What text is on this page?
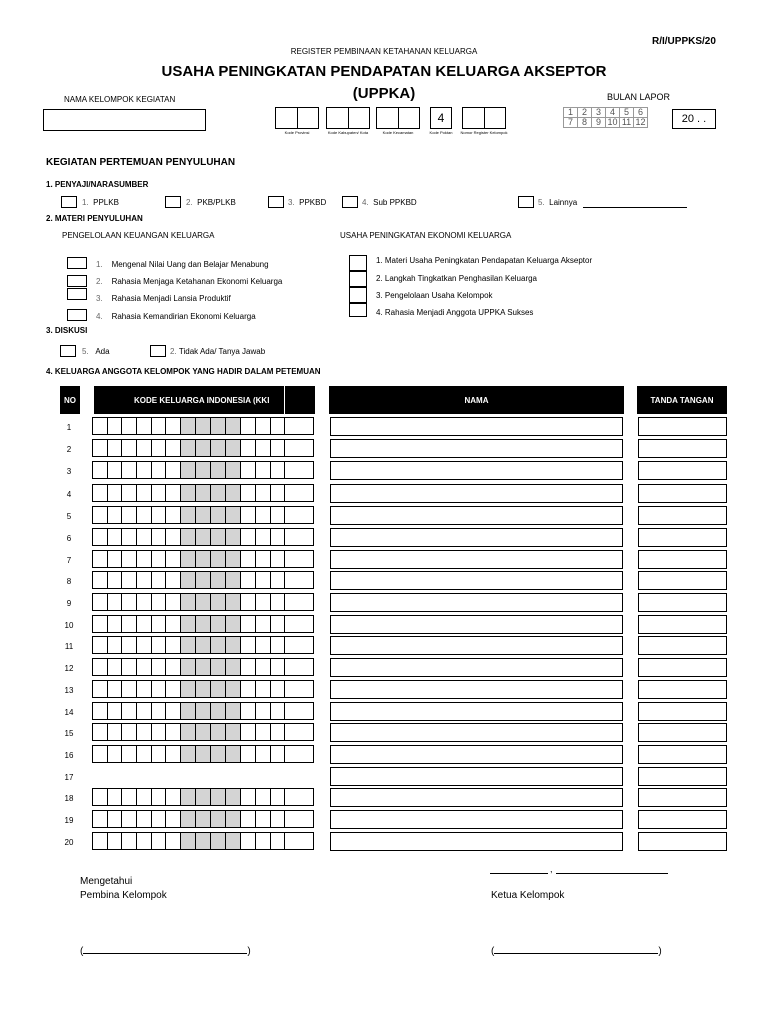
R/I/UPPKS/20
REGISTER PEMBINAAN KETAHANAN KELUARGA
USAHA PENINGKATAN PENDAPATAN KELUARGA AKSEPTOR
(UPPKA)
NAMA KELOMPOK KEGIATAN
4
Kode Provinsi	Kode Kabupaten/ Kota	Kode Kecamatan	Kode Poktan	Nomor Register Kelompok
BULAN LAPOR
1	2	3	4	5	6
7	8	9	10	11	12	20 . .
KEGIATAN PERTEMUAN PENYULUHAN
1. PENYAJI/NARASUMBER
1. PPLKB	2. PKB/PLKB	3. PPKBD	4. Sub PPKBD	5. Lainnya
2. MATERI PENYULUHAN
PENGELOLAAN KEUANGAN KELUARGA	USAHA PENINGKATAN EKONOMI KELUARGA
1. Mengenal Nilai Uang dan Belajar Menabung
2. Rahasia Menjaga Ketahanan Ekonomi Keluarga
3. Rahasia Menjadi Lansia Produktif
4. Rahasia Kemandirian Ekonomi Keluarga
1. Materi Usaha Peningkatan Pendapatan Keluarga Akseptor
2. Langkah Tingkatkan Penghasilan Keluarga
3. Pengelolaan Usaha Kelompok
4. Rahasia Menjadi Anggota UPPKA Sukses
3. DISKUSI
5. Ada	2. Tidak Ada/ Tanya Jawab
4. KELUARGA ANGGOTA KELOMPOK YANG HADIR DALAM PETEMUAN
NO	KODE KELUARGA INDONESIA (KKI	NAMA	TANDA TANGAN
1
2
3
4
5
6
7
8
9
10
11
12
13
14
15
16
17
18
19
20
,
Mengetahui
Pembina Kelompok	Ketua Kelompok
(	)	(	)
